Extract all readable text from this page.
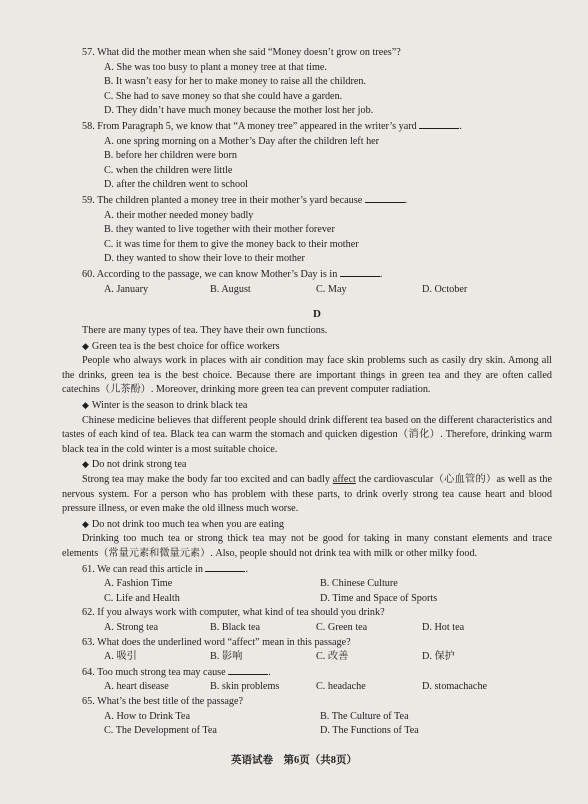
57. What did the mother mean when she said “Money doesn’t grow on trees”?
A. She was too busy to plant a money tree at that time.
B. It wasn’t easy for her to make money to raise all the children.
C. She had to save money so that she could have a garden.
D. They didn’t have much money because the mother lost her job.
58. From Paragraph 5, we know that “A money tree” appeared in the writer’s yard	.
A. one spring morning on a Mother’s Day after the children left her
B. before her children were born
C. when the children were little
D. after the children went to school
59. The children planted a money tree in their mother’s yard because	.
A. their mother needed money badly
B. they wanted to live together with their mother forever
C. it was time for them to give the money back to their mother
D. they wanted to show their love to their mother
60. According to the passage, we can know Mother’s Day is in	.
A. January	B. August	C. May	D. October
D
There are many types of tea. They have their own functions.
◆ Green tea is the best choice for office workers
People who always work in places with air condition may face skin problems such as casily dry skin. Among all the drinks, green tea is the best choice. Because there are important things in green tea and they are often called catechins（儿茶酚）. Moreover, drinking more green tea can prevent computer radiation.
◆ Winter is the season to drink black tea
Chinese medicine believes that different people should drink different tea based on the different characteristics and tastes of each kind of tea. Black tea can warm the stomach and quicken digestion（消化）. Therefore, drinking warm black tea in the cold winter is a most suitable choice.
◆ Do not drink strong tea
Strong tea may make the body far too excited and can badly affect the cardiovascular（心血管的）as well as the nervous system. For a person who has problem with these parts, to drink overly strong tea cause heart and blood pressure illness, or even make the old illness much worse.
◆ Do not drink too much tea when you are eating
Drinking too much tea or strong thick tea may not be good for taking in many constant elements and trace elements（常量元素和微量元素）. Also, people should not drink tea with milk or other milky food.
61. We can read this article in	.
A. Fashion Time	B. Chinese Culture
C. Life and Health	D. Time and Space of Sports
62. If you always work with computer, what kind of tea should you drink?
A. Strong tea	B. Black tea	C. Green tea	D. Hot tea
63. What does the underlined word “affect” mean in this passage?
A. 吸引	B. 影响	C. 改善	D. 保护
64. Too much strong tea may cause	.
A. heart disease	B. skin problems	C. headache	D. stomachache
65. What’s the best title of the passage?
A. How to Drink Tea	B. The Culture of Tea
C. The Development of Tea	D. The Functions of Tea
英语试卷　第6页（共8页）
